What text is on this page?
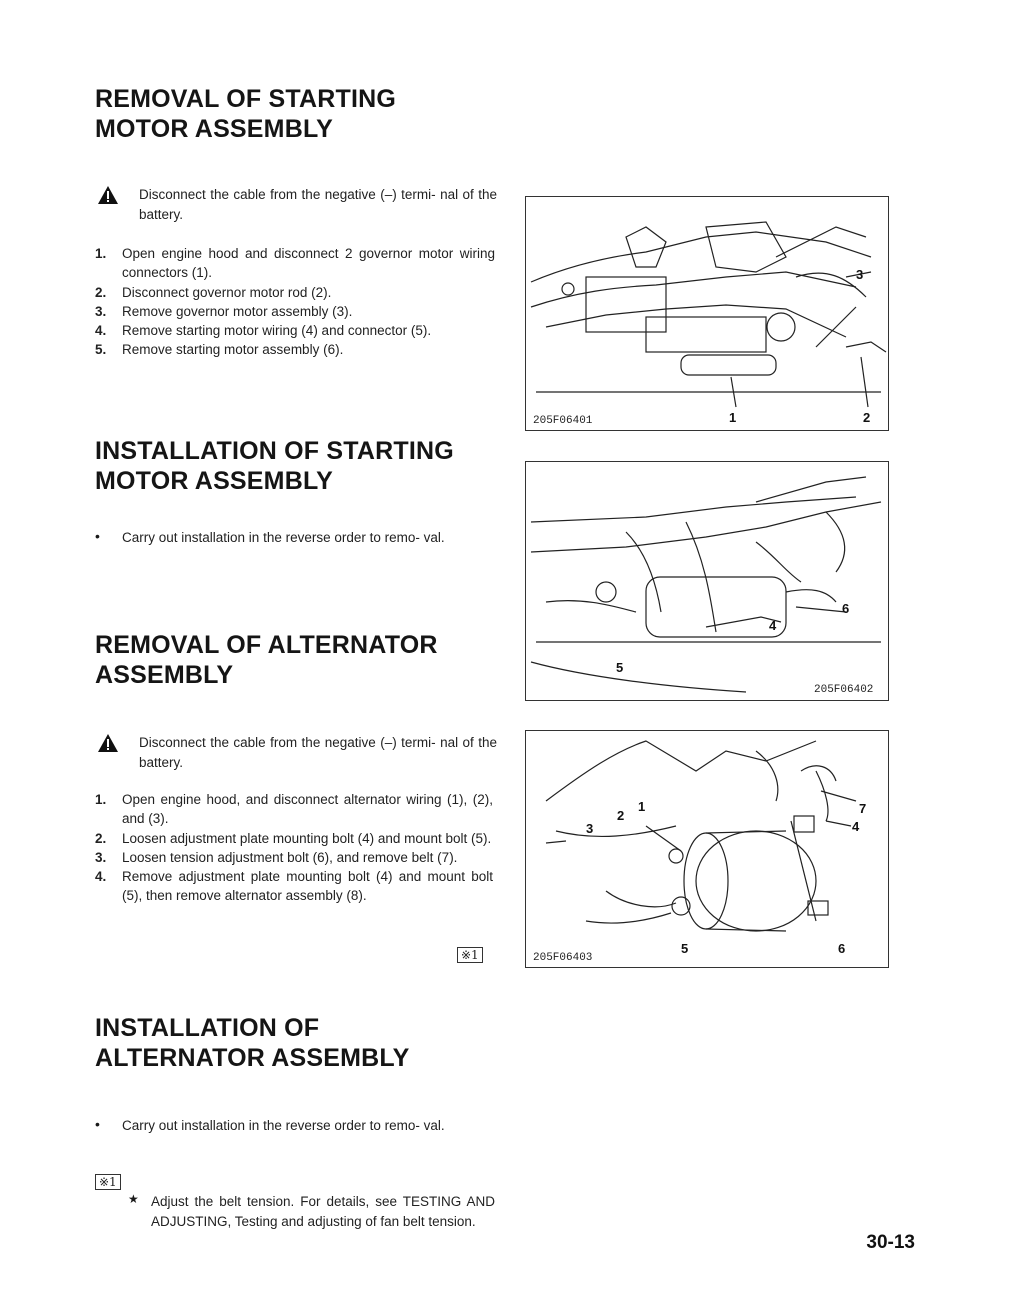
REMOVAL OF STARTING
MOTOR ASSEMBLY
Disconnect the cable from the negative (–) termi- nal of the battery.
1. Open engine hood and disconnect 2 governor motor wiring connectors (1).
2. Disconnect governor motor rod (2).
3. Remove governor motor assembly (3).
4. Remove starting motor wiring (4) and connector (5).
5. Remove starting motor assembly (6).
INSTALLATION OF STARTING
MOTOR ASSEMBLY
• Carry out installation in the reverse order to remo- val.
REMOVAL OF ALTERNATOR
ASSEMBLY
Disconnect the cable from the negative (–) termi- nal of the battery.
1. Open engine hood, and disconnect alternator wiring (1), (2), and (3).
2. Loosen adjustment plate mounting bolt (4) and mount bolt (5).
3. Loosen tension adjustment bolt (6), and remove belt (7).
4. Remove adjustment plate mounting bolt (4) and mount bolt (5), then remove alternator assembly (8).
※1
INSTALLATION OF
ALTERNATOR ASSEMBLY
• Carry out installation in the reverse order to remo- val.
※1
★ Adjust the belt tension. For details, see TESTING AND ADJUSTING, Testing and adjusting of fan belt tension.
205F06401
3
1	2
205F06402
6
4
5
205F06403
7
2
1
4
3
5	6
30-13
